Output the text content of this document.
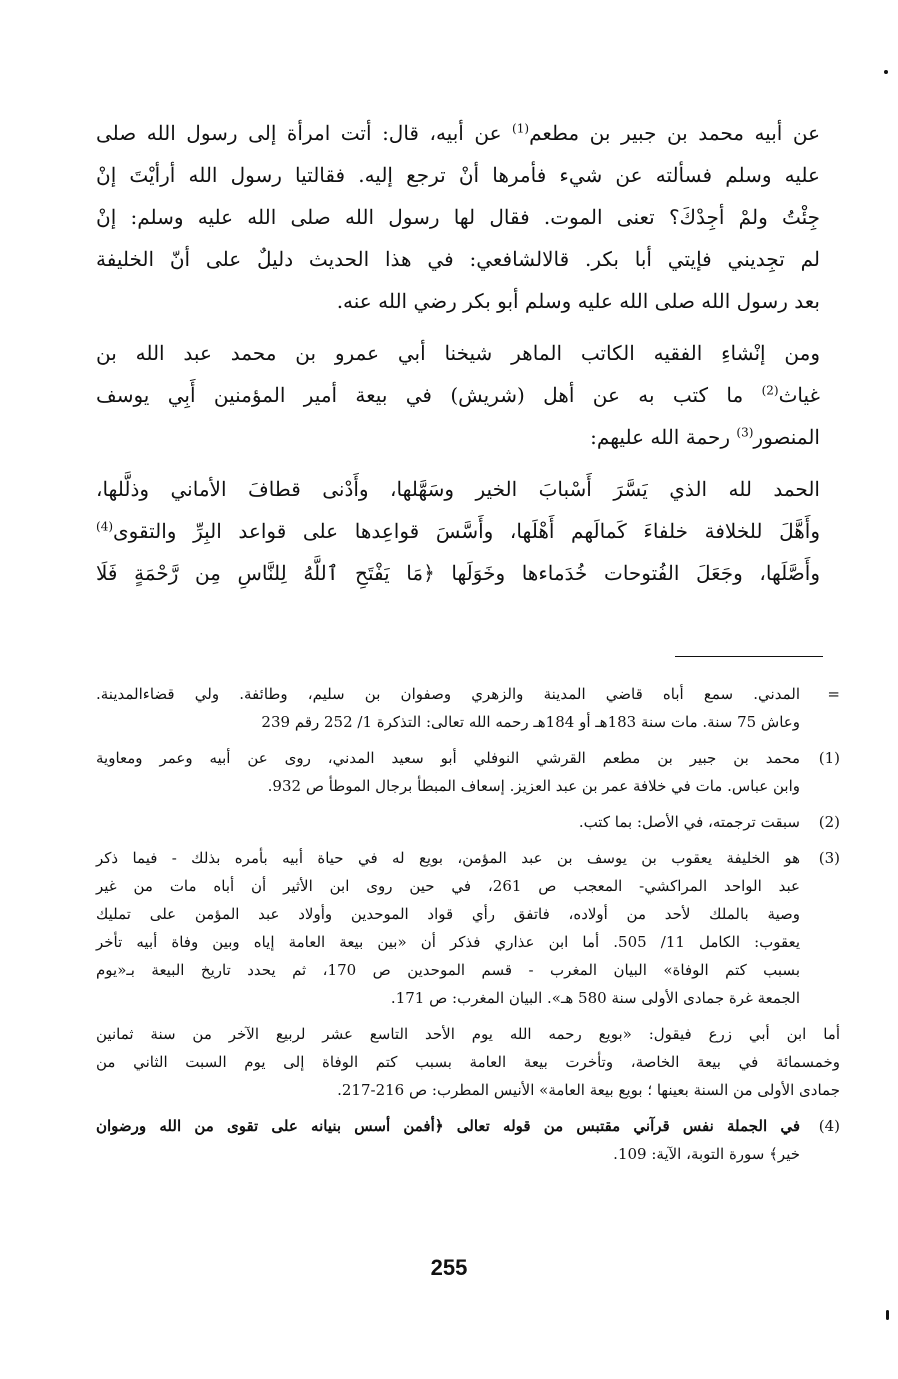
عن أبيه محمد بن جبير بن مطعم$^{(1)}$ عن أبيه، قال: أتت امرأة إلى رسول الله صلى
عليه وسلم فسألته عن شيء فأمرها أنْ ترجع إليه. فقالتيا رسول الله أرأيْتَ إنْ
جِئْتُ ولمْ أجِدْكَ؟ تعنى الموت. فقال لها رسول الله صلى الله عليه وسلم: إنْ
لم تجِديني فإيتي أبا بكر. قالالشافعي: في هذا الحديث دليلٌ على أنّ الخليفة
بعد رسول الله صلى الله عليه وسلم أبو بكر رضي الله عنه.

ومن إنْشاءِ الفقيه الكاتب الماهر شيخنا أبي عمرو بن محمد عبد الله بن
غياث$^{(2)}$ ما كتب به عن أهل (شريش) في بيعة أمير المؤمنين أَبِي يوسف
المنصور$^{(3)}$ رحمة الله عليهم:

الحمد لله الذي يَسَّرَ أَسْبابَ الخير وسَهَّلها، وأَدْنى قطافَ الأماني وذلَّلها،
وأَهَّلَ للخلافة خلفاءَ كَمالَهم أَهْلَها، وأَسَّسَ قواعِدها على قواعد البِرِّ والتقوى$^{(4)}$
وأَصَّلَها، وجَعَلَ الفُتوحات خُدَماءها وخَوَلَها ﴿مَا يَفْتَحِ ٱللَّهُ لِلنَّاسِ مِن رَّحْمَةٍ فَلَا

=
المدني. سمع أباه قاضي المدينة والزهري وصفوان بن سليم، وطائفة. ولي قضاءالمدينة.
وعاش 75 سنة. مات سنة 183هـ أو 184هـ رحمه الله تعالى: التذكرة 1/ 252 رقم 239
(1)
محمد بن جبير بن مطعم القرشي النوفلي أبو سعيد المدني، روى عن أبيه وعمر ومعاوية
وابن عباس. مات في خلافة عمر بن عبد العزيز. إسعاف المبطأ برجال الموطأ ص 932.
(2)
سبقت ترجمته، في الأصل: بما كتب.
(3)
هو الخليفة يعقوب بن يوسف بن عبد المؤمن، بويع له في حياة أبيه بأمره بذلك - فيما ذكر
عبد الواحد المراكشي- المعجب ص 261، في حين روى ابن الأثير أن أباه مات من غير
وصية بالملك لأحد من أولاده، فاتفق رأي قواد الموحدين وأولاد عبد المؤمن على تمليك
يعقوب: الكامل 11/ 505. أما ابن عذاري فذكر أن «بين بيعة العامة إياه وبين وفاة أبيه تأخر
بسبب كتم الوفاة» البيان المغرب - قسم الموحدين ص 170، ثم يحدد تاريخ البيعة بـ«يوم
الجمعة غرة جمادى الأولى سنة 580 هـ». البيان المغرب: ص 171.
أما ابن أبي زرع فيقول: «بويع رحمه الله يوم الأحد التاسع عشر لربيع الآخر من سنة ثمانين
وخمسمائة في بيعة الخاصة، وتأخرت بيعة العامة بسبب كتم الوفاة إلى يوم السبت الثاني من
جمادى الأولى من السنة بعينها ؛ بويع بيعة العامة» الأنيس المطرب: ص 216-217.
(4)
في الجملة نفس قرآني مقتبس من قوله تعالى ﴿أفمن أسس بنيانه على تقوى من الله ورضوان
خير﴾ سورة التوبة، الآية: 109.
255
